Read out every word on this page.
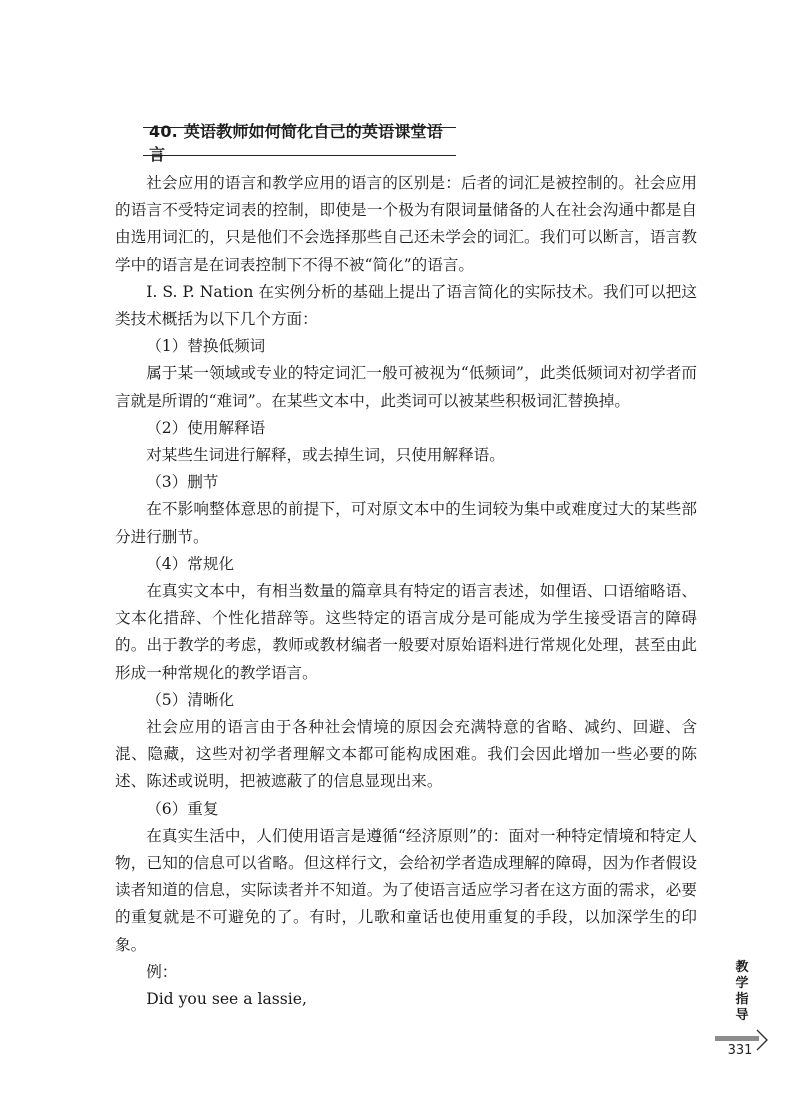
40. 英语教师如何简化自己的英语课堂语言

社会应用的语言和教学应用的语言的区别是：后者的词汇是被控制的。社会应用的语言不受特定词表的控制，即使是一个极为有限词量储备的人在社会沟通中都是自由选用词汇的，只是他们不会选择那些自己还未学会的词汇。我们可以断言，语言教学中的语言是在词表控制下不得不被“简化”的语言。

I. S. P. Nation 在实例分析的基础上提出了语言简化的实际技术。我们可以把这类技术概括为以下几个方面：

（1）替换低频词

属于某一领域或专业的特定词汇一般可被视为“低频词”，此类低频词对初学者而言就是所谓的“难词”。在某些文本中，此类词可以被某些积极词汇替换掉。

（2）使用解释语

对某些生词进行解释，或去掉生词，只使用解释语。

（3）删节

在不影响整体意思的前提下，可对原文本中的生词较为集中或难度过大的某些部分进行删节。

（4）常规化

在真实文本中，有相当数量的篇章具有特定的语言表述，如俚语、口语缩略语、文本化措辞、个性化措辞等。这些特定的语言成分是可能成为学生接受语言的障碍的。出于教学的考虑，教师或教材编者一般要对原始语料进行常规化处理，甚至由此形成一种常规化的教学语言。

（5）清晰化

社会应用的语言由于各种社会情境的原因会充满特意的省略、减约、回避、含混、隐藏，这些对初学者理解文本都可能构成困难。我们会因此增加一些必要的陈述、陈述或说明，把被遮蔽了的信息显现出来。

（6）重复

在真实生活中，人们使用语言是遵循“经济原则”的：面对一种特定情境和特定人物，已知的信息可以省略。但这样行文，会给初学者造成理解的障碍，因为作者假设读者知道的信息，实际读者并不知道。为了使语言适应学习者在这方面的需求，必要的重复就是不可避免的了。有时，儿歌和童话也使用重复的手段，以加深学生的印象。

例：

Did you see a lassie,

教
学
指
导
331
